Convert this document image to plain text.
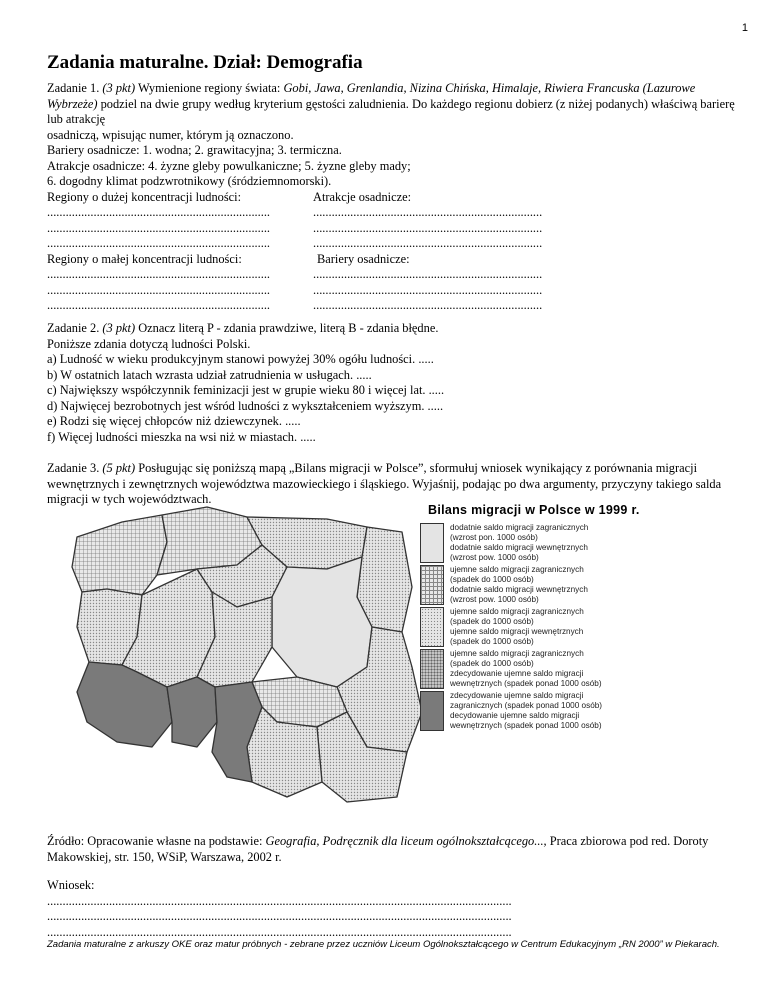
1
Zadania maturalne. Dział: Demografia

Zadanie 1. (3 pkt) Wymienione regiony świata: Gobi, Jawa, Grenlandia, Nizina Chińska, Himalaje, Riwiera Francuska (Lazurowe Wybrzeże) podziel na dwie grupy według kryterium gęstości zaludnienia. Do każdego regionu dobierz (z niżej podanych) właściwą barierę lub atrakcję

osadniczą, wpisując numer, którym ją oznaczono.

Bariery osadnicze: 1. wodna; 2. grawitacyjna; 3. termiczna.

Atrakcje osadnicze: 4. żyzne gleby powulkaniczne; 5. żyzne gleby mady;

6. dogodny klimat podzwrotnikowy (śródziemnomorski).

Regiony o dużej koncentracji ludności:	Atrakcje osadnicze:
........................................................................	..........................................................................
........................................................................	..........................................................................
........................................................................	..........................................................................
Regiony o małej koncentracji ludności:	Bariery osadnicze:
........................................................................	..........................................................................
........................................................................	..........................................................................
........................................................................	..........................................................................

Zadanie 2. (3 pkt) Oznacz literą P - zdania prawdziwe, literą B - zdania błędne.

Poniższe zdania dotyczą ludności Polski.

a) Ludność w wieku produkcyjnym stanowi powyżej 30% ogółu ludności. .....

b) W ostatnich latach wzrasta udział zatrudnienia w usługach. .....

c) Największy współczynnik feminizacji jest w grupie wieku 80 i więcej lat. .....

d) Najwięcej bezrobotnych jest wśród ludności z wykształceniem wyższym. .....

e) Rodzi się więcej chłopców niż dziewczynek. .....

f) Więcej ludności mieszka na wsi niż w miastach. .....

Zadanie 3. (5 pkt) Posługując się poniższą mapą „Bilans migracji w Polsce”, sformułuj wniosek wynikający z porównania migracji wewnętrznych i zewnętrznych województwa mazowieckiego i śląskiego. Wyjaśnij, podając po dwa argumenty, przyczyny takiego salda migracji w tych województwach.

Bilans migracji w Polsce w 1999 r.
dodatnie saldo migracji zagranicznych
(wzrost pon. 1000 osób)
dodatnie saldo migracji wewnętrznych
(wzrost pow. 1000 osób)
ujemne saldo migracji zagranicznych
(spadek do 1000 osób)
dodatnie saldo migracji wewnętrznych
(wzrost pow. 1000 osób)
ujemne saldo migracji zagranicznych
(spadek do 1000 osób)
ujemne saldo migracji wewnętrznych
(spadek do 1000 osób)
ujemne saldo migracji zagranicznych
(spadek do 1000 osób)
zdecydowanie ujemne saldo migracji
wewnętrznych (spadek ponad 1000 osób)
zdecydowanie ujemne saldo migracji
zagranicznych (spadek ponad 1000 osób)
decydowanie ujemne saldo migracji
wewnętrznych (spadek ponad 1000 osób)

Źródło: Opracowanie własne na podstawie: Geografia, Podręcznik dla liceum ogólnokształcącego..., Praca zbiorowa pod red. Doroty Makowskiej, str. 150, WSiP, Warszawa, 2002 r.

Wniosek:

......................................................................................................................................................

......................................................................................................................................................

......................................................................................................................................................

Zadania maturalne z arkuszy OKE oraz matur próbnych - zebrane przez uczniów Liceum Ogólnokształcącego w Centrum Edukacyjnym „RN 2000” w Piekarach.
